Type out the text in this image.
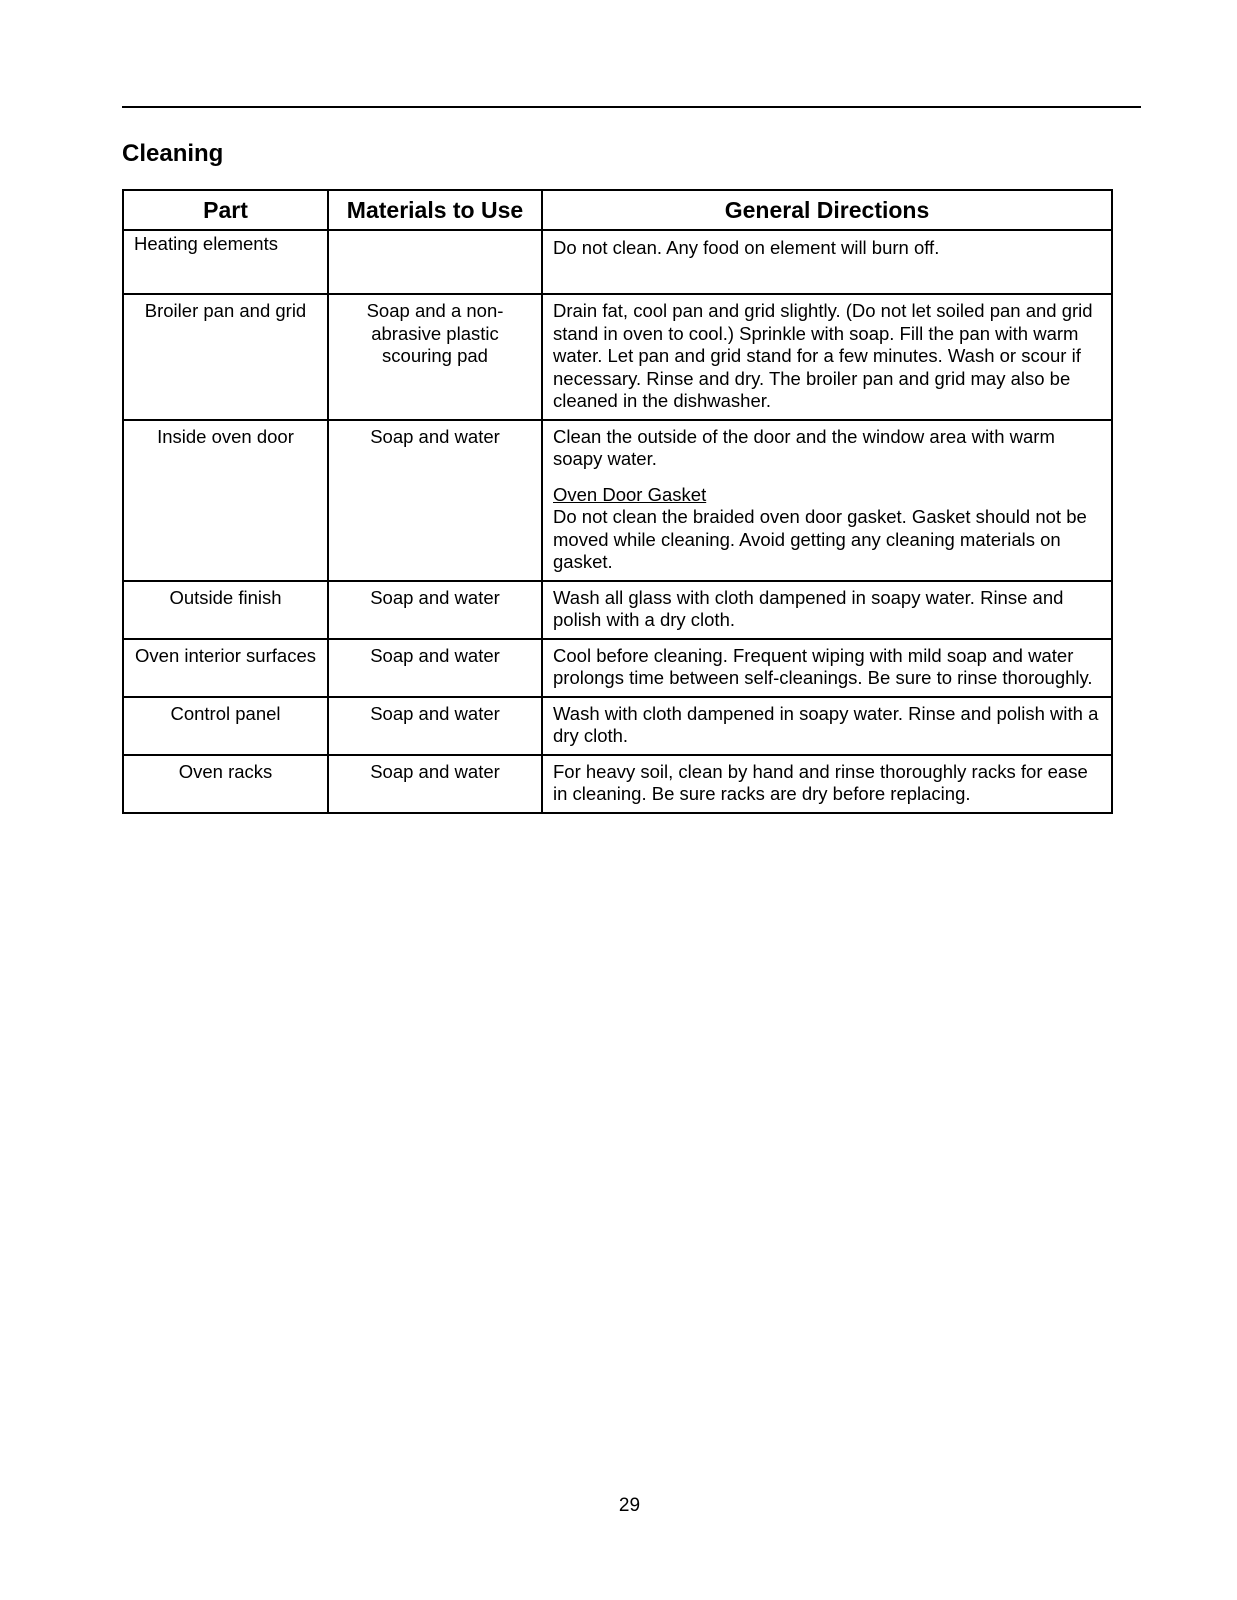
Cleaning
Part	Materials to Use	General Directions
Heating elements		Do not clean. Any food on element will burn off.
Broiler pan and grid	Soap and a non-abrasive plastic scouring pad	Drain fat, cool pan and grid slightly. (Do not let soiled pan and grid stand in oven to cool.) Sprinkle with soap. Fill the pan with warm water. Let pan and grid stand for a few minutes. Wash or scour if necessary. Rinse and dry. The broiler pan and grid may also be cleaned in the dishwasher.
Inside oven door	Soap and water	Clean the outside of the door and the window area with warm soapy water.
Oven Door Gasket
Do not clean the braided oven door gasket. Gasket should not be moved while cleaning. Avoid getting any cleaning materials on gasket.
Outside finish	Soap and water	Wash all glass with cloth dampened in soapy water. Rinse and polish with a dry cloth.
Oven interior surfaces	Soap and water	Cool before cleaning. Frequent wiping with mild soap and water prolongs time between self-cleanings. Be sure to rinse thoroughly.
Control panel	Soap and water	Wash with cloth dampened in soapy water. Rinse and polish with a dry cloth.
Oven racks	Soap and water	For heavy soil, clean by hand and rinse thoroughly racks for ease in cleaning. Be sure racks are dry before replacing.
29
